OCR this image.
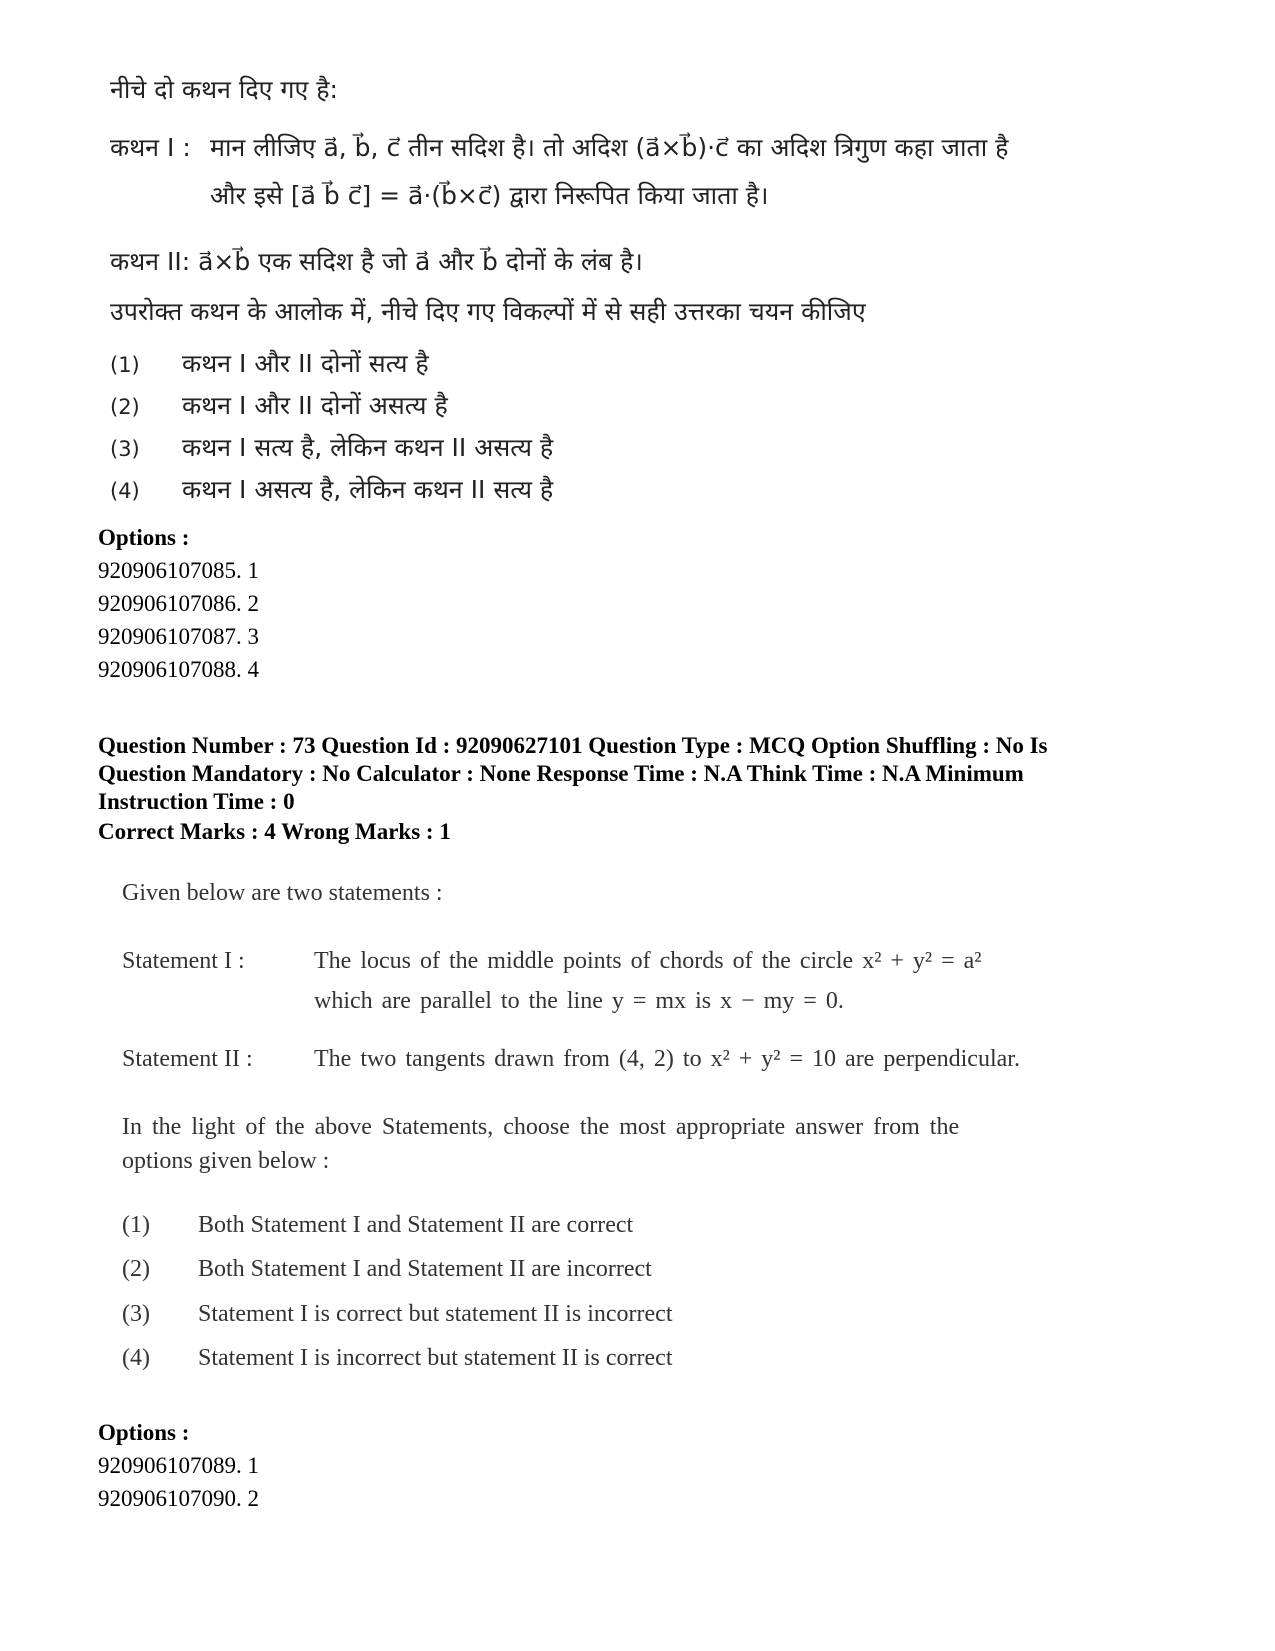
नीचे दो कथन दिए गए है:
कथन I : मान लीजिए a⃗, b⃗, c⃗ तीन सदिश है। तो अदिश (a⃗×b⃗)·c⃗ का अदिश त्रिगुण कहा जाता है
और इसे [a⃗ b⃗ c⃗] = a⃗·(b⃗×c⃗) द्वारा निरूपित किया जाता है।
कथन II: a⃗×b⃗ एक सदिश है जो a⃗ और b⃗ दोनों के लंब है।
उपरोक्त कथन के आलोक में, नीचे दिए गए विकल्पों में से सही उत्तरका चयन कीजिए
(1) कथन I और II दोनों सत्य है
(2) कथन I और II दोनों असत्य है
(3) कथन I सत्य है, लेकिन कथन II असत्य है
(4) कथन I असत्य है, लेकिन कथन II सत्य है
Options :
920906107085. 1
920906107086. 2
920906107087. 3
920906107088. 4
Question Number : 73 Question Id : 92090627101 Question Type : MCQ Option Shuffling : No Is
Question Mandatory : No Calculator : None Response Time : N.A Think Time : N.A Minimum
Instruction Time : 0
Correct Marks : 4 Wrong Marks : 1
Given below are two statements :
Statement I :	The locus of the middle points of chords of the circle x² + y² = a²
which are parallel to the line y = mx is x − my = 0.
Statement II :	The two tangents drawn from (4, 2) to x² + y² = 10 are perpendicular.
In the light of the above Statements, choose the most appropriate answer from the
options given below :
(1) Both Statement I and Statement II are correct
(2) Both Statement I and Statement II are incorrect
(3) Statement I is correct but statement II is incorrect
(4) Statement I is incorrect but statement II is correct
Options :
920906107089. 1
920906107090. 2
